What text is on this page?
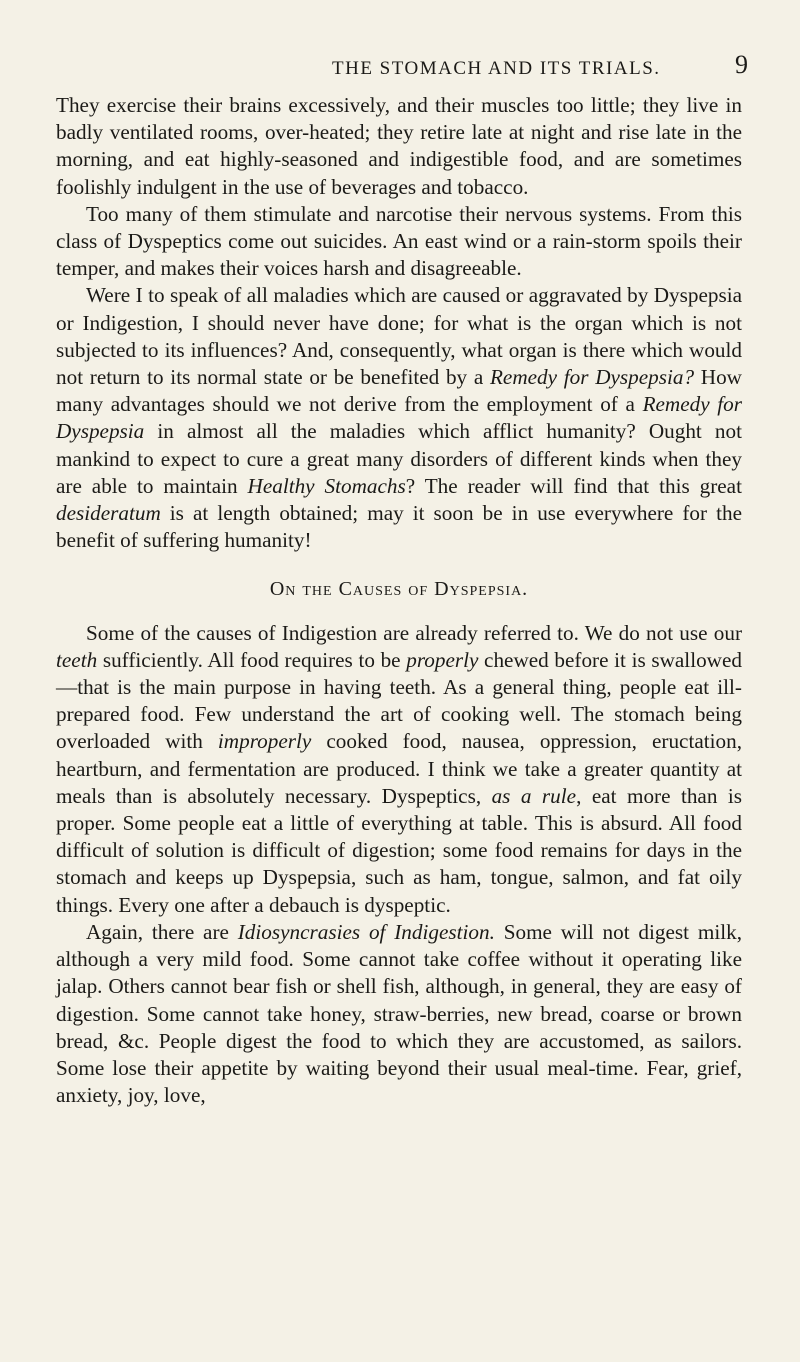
THE STOMACH AND ITS TRIALS.	9

They exercise their brains excessively, and their muscles too little; they live in badly ventilated rooms, over-heated; they retire late at night and rise late in the morning, and eat highly-seasoned and indigestible food, and are sometimes foolishly indulgent in the use of beverages and tobacco.

Too many of them stimulate and narcotise their nervous systems. From this class of Dyspeptics come out suicides. An east wind or a rain-storm spoils their temper, and makes their voices harsh and disagreeable.

Were I to speak of all maladies which are caused or aggravated by Dyspepsia or Indigestion, I should never have done; for what is the organ which is not subjected to its influences? And, consequently, what organ is there which would not return to its normal state or be benefited by a Remedy for Dyspepsia? How many advantages should we not derive from the employment of a Remedy for Dyspepsia in almost all the maladies which afflict humanity? Ought not mankind to expect to cure a great many disorders of different kinds when they are able to maintain Healthy Stomachs? The reader will find that this great desideratum is at length obtained; may it soon be in use everywhere for the benefit of suffering humanity!

On the Causes of Dyspepsia.

Some of the causes of Indigestion are already referred to. We do not use our teeth sufficiently. All food requires to be properly chewed before it is swallowed—that is the main purpose in having teeth. As a general thing, people eat ill-prepared food. Few understand the art of cooking well. The stomach being overloaded with improperly cooked food, nausea, oppression, eructation, heartburn, and fermentation are produced. I think we take a greater quantity at meals than is absolutely necessary. Dyspeptics, as a rule, eat more than is proper. Some people eat a little of everything at table. This is absurd. All food difficult of solution is difficult of digestion; some food remains for days in the stomach and keeps up Dyspepsia, such as ham, tongue, salmon, and fat oily things. Every one after a debauch is dyspeptic.

Again, there are Idiosyncrasies of Indigestion. Some will not digest milk, although a very mild food. Some cannot take coffee without it operating like jalap. Others cannot bear fish or shell fish, although, in general, they are easy of digestion. Some cannot take honey, straw-berries, new bread, coarse or brown bread, &c. People digest the food to which they are accustomed, as sailors. Some lose their appetite by waiting beyond their usual meal-time. Fear, grief, anxiety, joy, love,
